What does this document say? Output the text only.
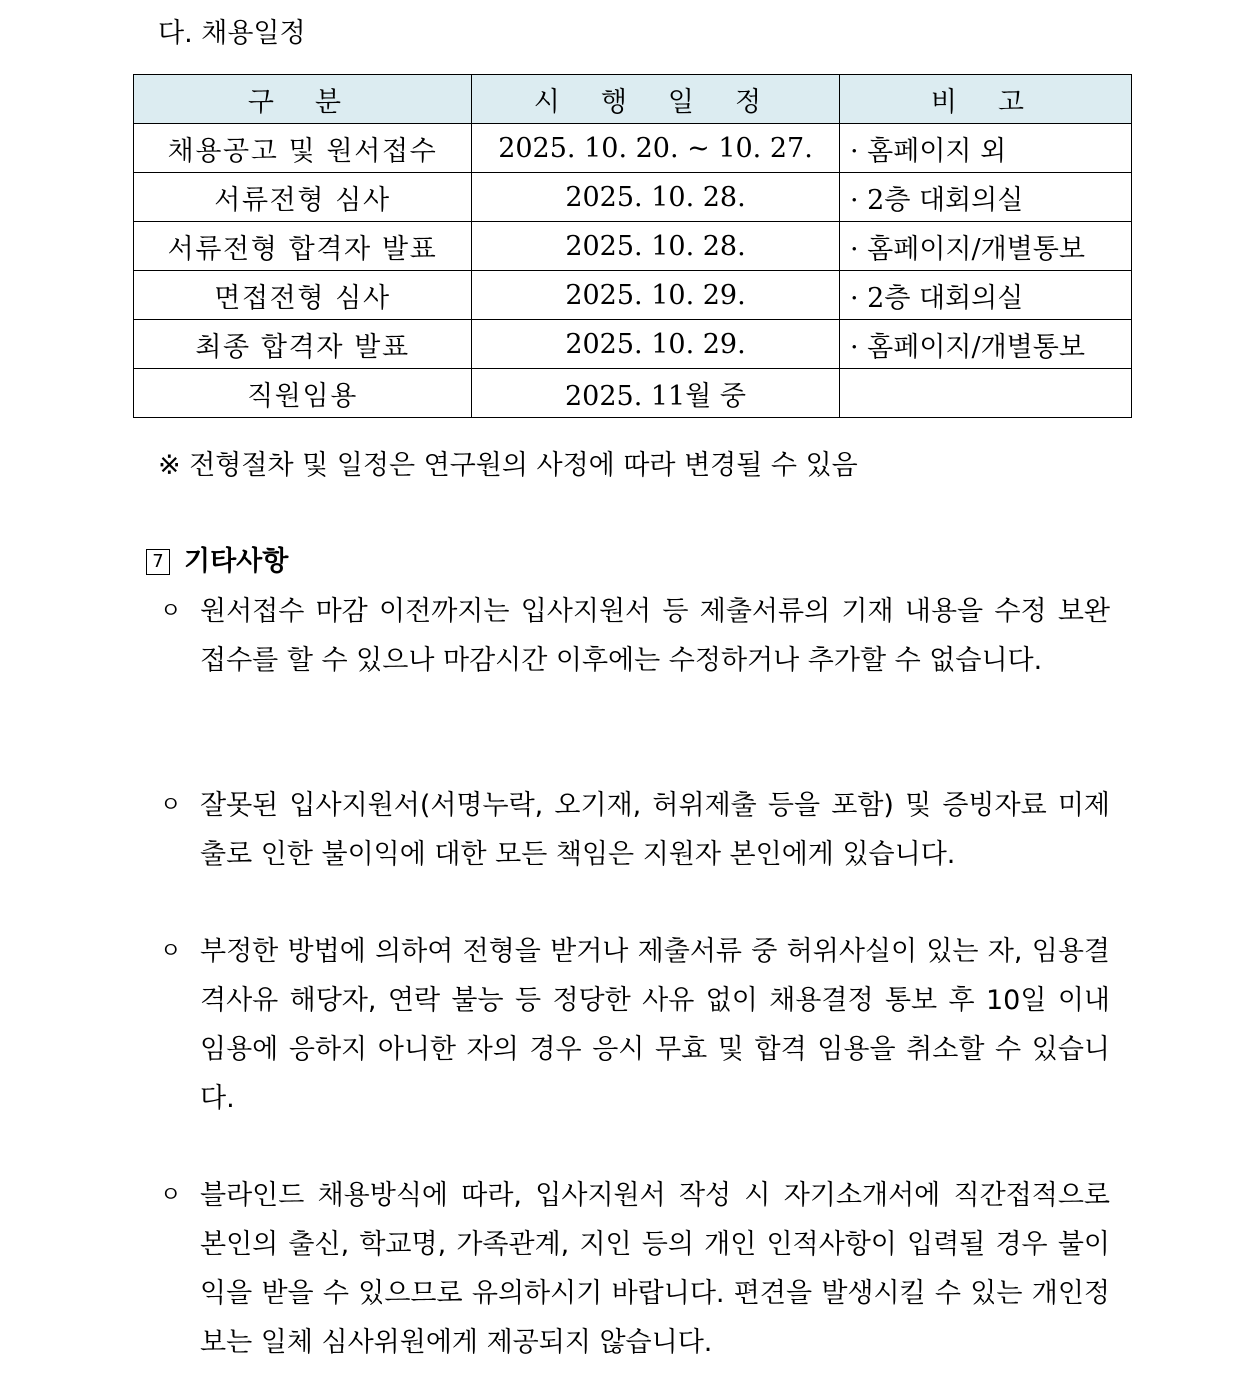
다. 채용일정
구 분	시 행 일 정	비 고
채용공고 및 원서접수	2025. 10. 20. ~ 10. 27.	· 홈페이지 외
서류전형 심사	2025. 10. 28.	· 2층 대회의실
서류전형 합격자 발표	2025. 10. 28.	· 홈페이지/개별통보
면접전형 심사	2025. 10. 29.	· 2층 대회의실
최종 합격자 발표	2025. 10. 29.	· 홈페이지/개별통보
직원임용	2025. 11월 중	
※ 전형절차 및 일정은 연구원의 사정에 따라 변경될 수 있음
7 기타사항
ㅇ 원서접수 마감 이전까지는 입사지원서 등 제출서류의 기재 내용을 수정 보완 접수를 할 수 있으나 마감시간 이후에는 수정하거나 추가할 수 없습니다.
ㅇ 잘못된 입사지원서(서명누락, 오기재, 허위제출 등을 포함) 및 증빙자료 미제출로 인한 불이익에 대한 모든 책임은 지원자 본인에게 있습니다.
ㅇ 부정한 방법에 의하여 전형을 받거나 제출서류 중 허위사실이 있는 자, 임용결격사유 해당자, 연락 불능 등 정당한 사유 없이 채용결정 통보 후 10일 이내 임용에 응하지 아니한 자의 경우 응시 무효 및 합격 임용을 취소할 수 있습니다.
ㅇ 블라인드 채용방식에 따라, 입사지원서 작성 시 자기소개서에 직간접적으로 본인의 출신, 학교명, 가족관계, 지인 등의 개인 인적사항이 입력될 경우 불이익을 받을 수 있으므로 유의하시기 바랍니다. 편견을 발생시킬 수 있는 개인정보는 일체 심사위원에게 제공되지 않습니다.
